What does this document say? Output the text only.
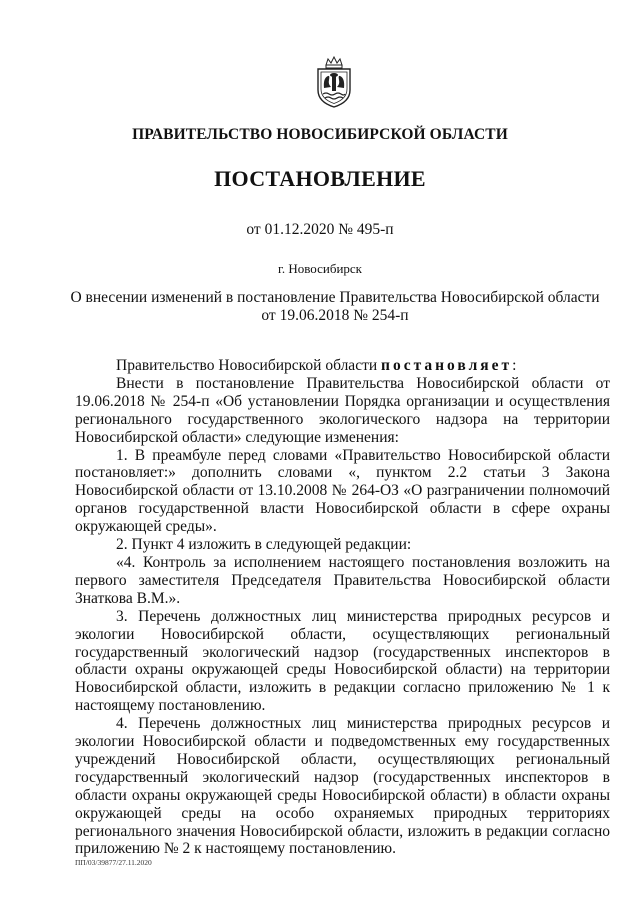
ПРАВИТЕЛЬСТВО НОВОСИБИРСКОЙ ОБЛАСТИ
ПОСТАНОВЛЕНИЕ
от 01.12.2020 № 495-п
г. Новосибирск
О внесении изменений в постановление Правительства Новосибирской области
от 19.06.2018 № 254-п

Правительство Новосибирской области постановляет:

Внести в постановление Правительства Новосибирской области от 19.06.2018 № 254-п «Об установлении Порядка организации и осуществления регионального государственного экологического надзора на территории Новосибирской области» следующие изменения:

1. В преамбуле перед словами «Правительство Новосибирской области постановляет:» дополнить словами «, пунктом 2.2 статьи 3 Закона Новосибирской области от 13.10.2008 № 264-ОЗ «О разграничении полномочий органов государственной власти Новосибирской области в сфере охраны окружающей среды».

2. Пункт 4 изложить в следующей редакции:

«4. Контроль за исполнением настоящего постановления возложить на первого заместителя Председателя Правительства Новосибирской области Знаткова В.М.».

3. Перечень должностных лиц министерства природных ресурсов и экологии Новосибирской области, осуществляющих региональный государственный экологический надзор (государственных инспекторов в области охраны окружающей среды Новосибирской области) на территории Новосибирской области, изложить в редакции согласно приложению № 1 к настоящему постановлению.

4. Перечень должностных лиц министерства природных ресурсов и экологии Новосибирской области и подведомственных ему государственных учреждений Новосибирской области, осуществляющих региональный государственный экологический надзор (государственных инспекторов в области охраны окружающей среды Новосибирской области) в области охраны окружающей среды на особо охраняемых природных территориях регионального значения Новосибирской области, изложить в редакции согласно приложению № 2 к настоящему постановлению.

ПП/03/39877/27.11.2020
